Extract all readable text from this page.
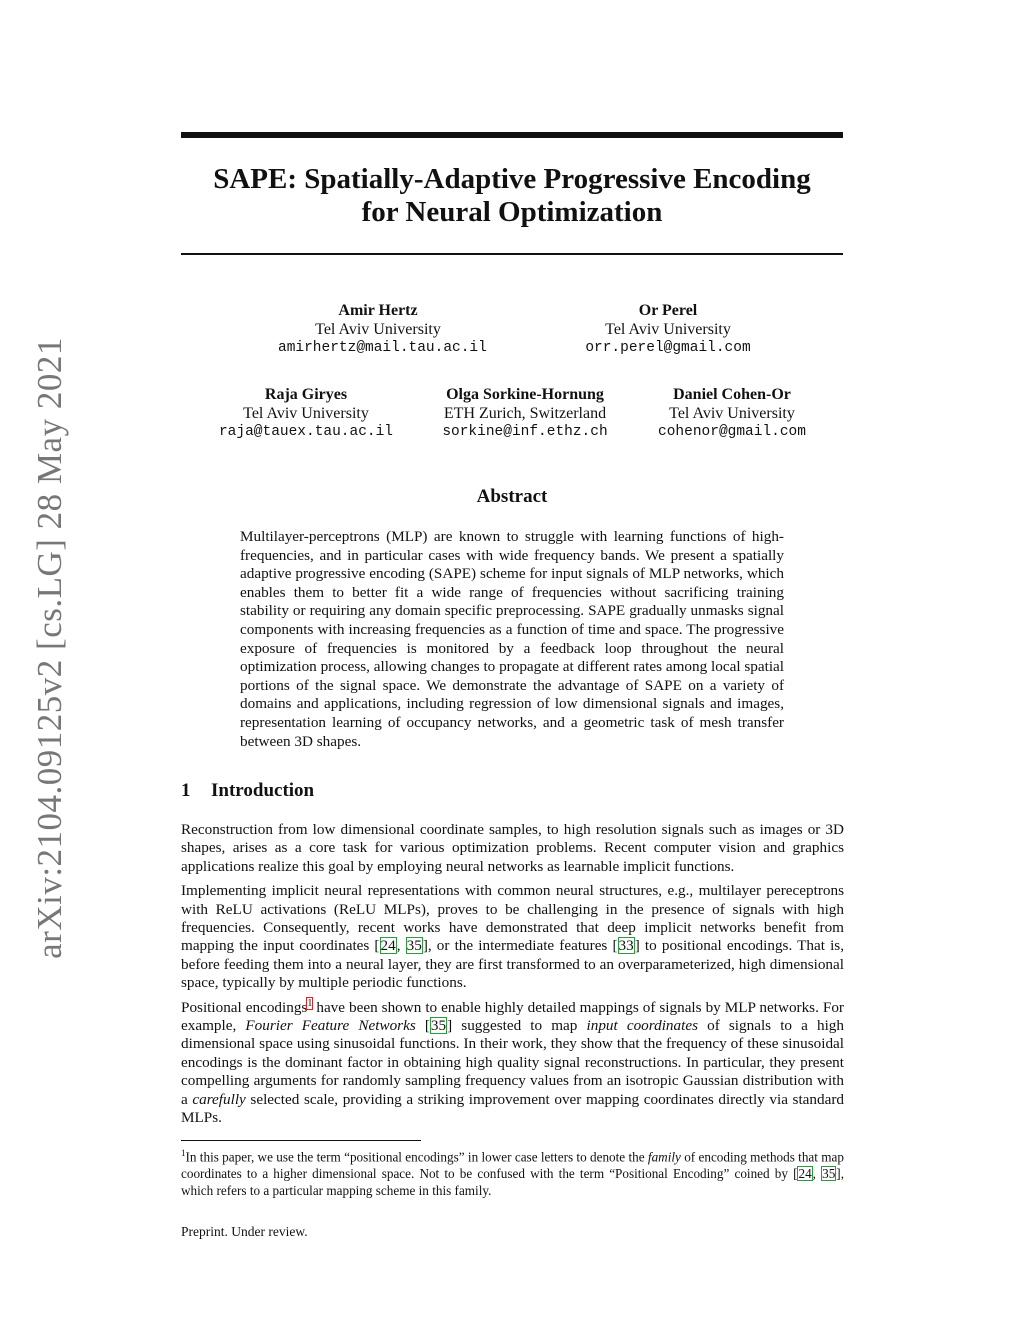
arXiv:2104.09125v2 [cs.LG] 28 May 2021
SAPE: Spatially-Adaptive Progressive Encoding
for Neural Optimization
Amir Hertz
Tel Aviv University
amirhertz@mail.tau.ac.il
Or Perel
Tel Aviv University
orr.perel@gmail.com
Raja Giryes
Tel Aviv University
raja@tauex.tau.ac.il
Olga Sorkine-Hornung
ETH Zurich, Switzerland
sorkine@inf.ethz.ch
Daniel Cohen-Or
Tel Aviv University
cohenor@gmail.com
Abstract
Multilayer-perceptrons (MLP) are known to struggle with learning functions of high-frequencies, and in particular cases with wide frequency bands. We present a spatially adaptive progressive encoding (SAPE) scheme for input signals of MLP networks, which enables them to better fit a wide range of frequencies without sacrificing training stability or requiring any domain specific preprocessing. SAPE gradually unmasks signal components with increasing frequencies as a function of time and space. The progressive exposure of frequencies is monitored by a feedback loop throughout the neural optimization process, allowing changes to propagate at different rates among local spatial portions of the signal space. We demonstrate the advantage of SAPE on a variety of domains and applications, including regression of low dimensional signals and images, representation learning of occupancy networks, and a geometric task of mesh transfer between 3D shapes.
1 Introduction

Reconstruction from low dimensional coordinate samples, to high resolution signals such as images or 3D shapes, arises as a core task for various optimization problems. Recent computer vision and graphics applications realize this goal by employing neural networks as learnable implicit functions.

Implementing implicit neural representations with common neural structures, e.g., multilayer pereceptrons with ReLU activations (ReLU MLPs), proves to be challenging in the presence of signals with high frequencies. Consequently, recent works have demonstrated that deep implicit networks benefit from mapping the input coordinates [24, 35], or the intermediate features [33] to positional encodings. That is, before feeding them into a neural layer, they are first transformed to an overparameterized, high dimensional space, typically by multiple periodic functions.

Positional encodings$^1$ have been shown to enable highly detailed mappings of signals by MLP networks. For example, Fourier Feature Networks [35] suggested to map input coordinates of signals to a high dimensional space using sinusoidal functions. In their work, they show that the frequency of these sinusoidal encodings is the dominant factor in obtaining high quality signal reconstructions. In particular, they present compelling arguments for randomly sampling frequency values from an isotropic Gaussian distribution with a carefully selected scale, providing a striking improvement over mapping coordinates directly via standard MLPs.

$^1$In this paper, we use the term “positional encodings” in lower case letters to denote the family of encoding methods that map coordinates to a higher dimensional space. Not to be confused with the term “Positional Encoding” coined by [24, 35], which refers to a particular mapping scheme in this family.
Preprint. Under review.
